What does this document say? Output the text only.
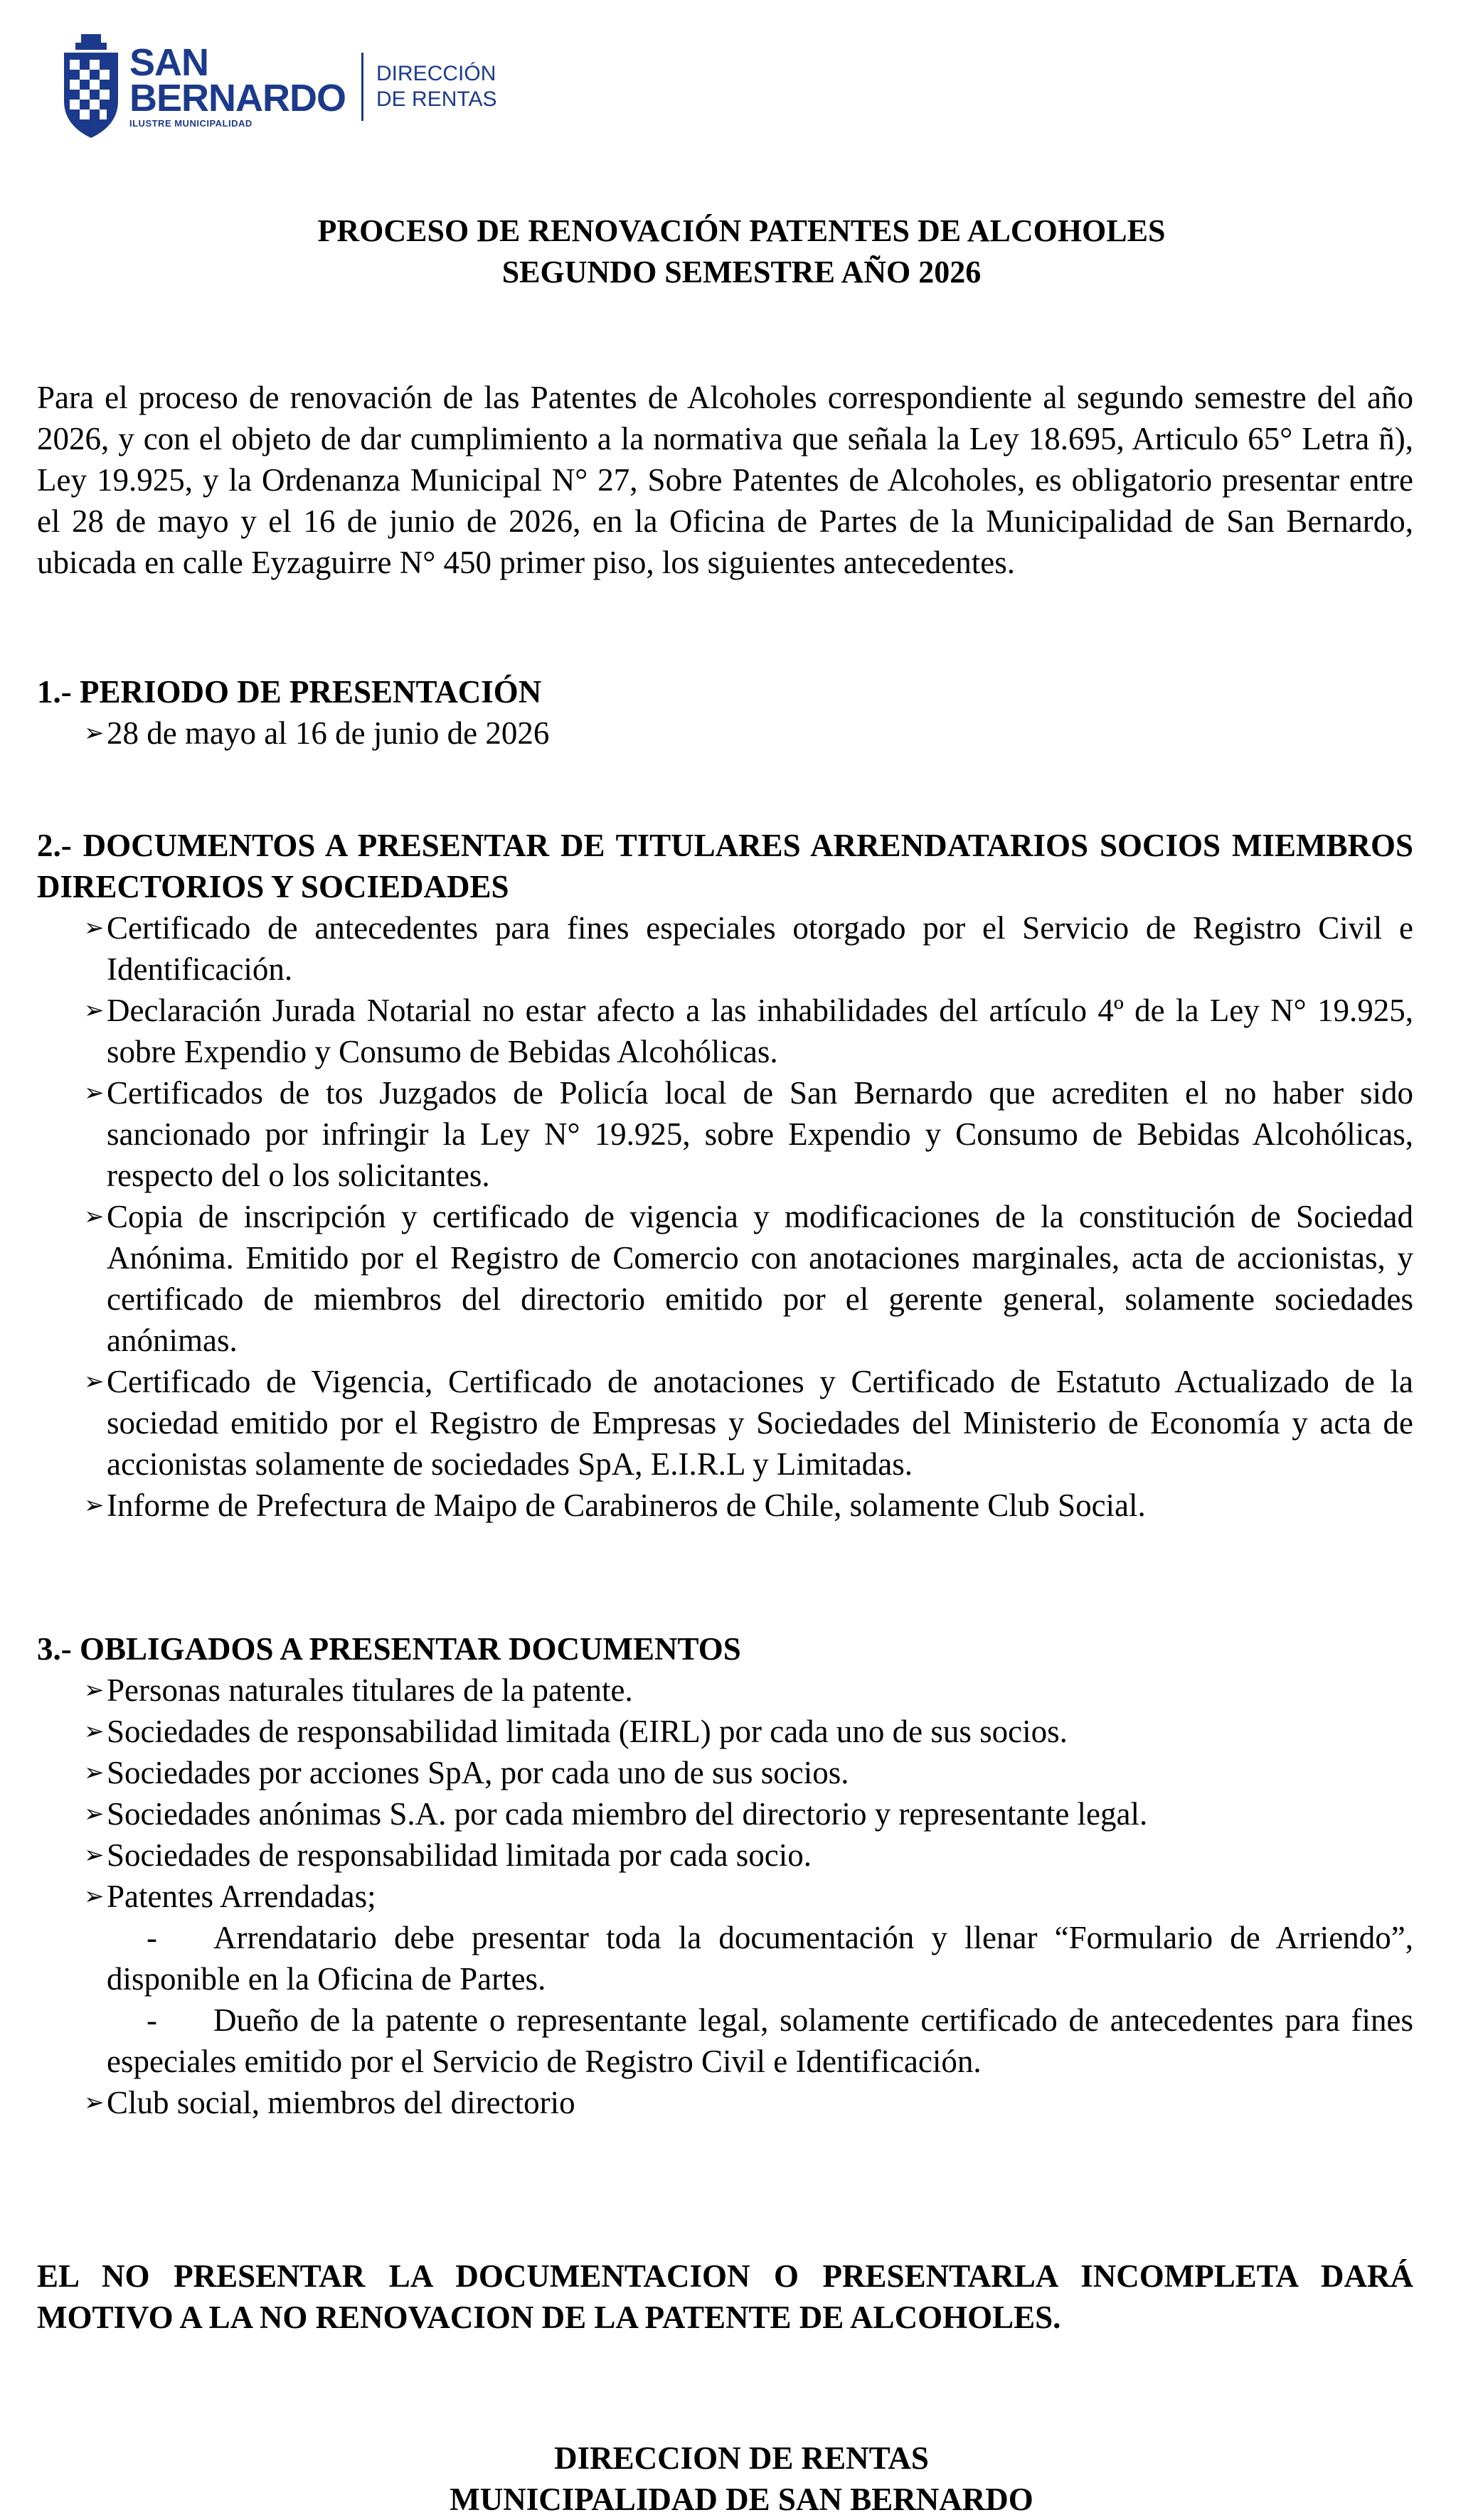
SAN
BERNARDO
ILUSTRE MUNICIPALIDAD
DIRECCIÓN
DE RENTAS
PROCESO DE RENOVACIÓN PATENTES DE ALCOHOLES
SEGUNDO SEMESTRE AÑO 2026
Para el proceso de renovación de las Patentes de Alcoholes correspondiente al segundo semestre del año 2026, y con el objeto de dar cumplimiento a la normativa que señala la Ley 18.695, Articulo 65° Letra ñ), Ley 19.925, y la Ordenanza Municipal N° 27, Sobre Patentes de Alcoholes, es obligatorio presentar entre el 28 de mayo y el 16 de junio de 2026, en la Oficina de Partes de la Municipalidad de San Bernardo, ubicada en calle Eyzaguirre N° 450 primer piso, los siguientes antecedentes.
1.- PERIODO DE PRESENTACIÓN
➢ 28 de mayo al 16 de junio de 2026
2.- DOCUMENTOS A PRESENTAR DE TITULARES ARRENDATARIOS SOCIOS MIEMBROS DIRECTORIOS Y SOCIEDADES
➢ Certificado de antecedentes para fines especiales otorgado por el Servicio de Registro Civil e Identificación.
➢ Declaración Jurada Notarial no estar afecto a las inhabilidades del artículo 4º de la Ley N° 19.925, sobre Expendio y Consumo de Bebidas Alcohólicas.
➢ Certificados de tos Juzgados de Policía local de San Bernardo que acrediten el no haber sido sancionado por infringir la Ley N° 19.925, sobre Expendio y Consumo de Bebidas Alcohólicas, respecto del o los solicitantes.
➢ Copia de inscripción y certificado de vigencia y modificaciones de la constitución de Sociedad Anónima. Emitido por el Registro de Comercio con anotaciones marginales, acta de accionistas, y certificado de miembros del directorio emitido por el gerente general, solamente sociedades anónimas.
➢ Certificado de Vigencia, Certificado de anotaciones y Certificado de Estatuto Actualizado de la sociedad emitido por el Registro de Empresas y Sociedades del Ministerio de Economía y acta de accionistas solamente de sociedades SpA, E.I.R.L y Limitadas.
➢ Informe de Prefectura de Maipo de Carabineros de Chile, solamente Club Social.
3.- OBLIGADOS A PRESENTAR DOCUMENTOS
➢ Personas naturales titulares de la patente.
➢ Sociedades de responsabilidad limitada (EIRL) por cada uno de sus socios.
➢ Sociedades por acciones SpA, por cada uno de sus socios.
➢ Sociedades anónimas S.A. por cada miembro del directorio y representante legal.
➢ Sociedades de responsabilidad limitada por cada socio.
➢ Patentes Arrendadas;
- Arrendatario debe presentar toda la documentación y llenar “Formulario de Arriendo”, disponible en la Oficina de Partes.
- Dueño de la patente o representante legal, solamente certificado de antecedentes para fines especiales emitido por el Servicio de Registro Civil e Identificación.
➢ Club social, miembros del directorio
EL NO PRESENTAR LA DOCUMENTACION O PRESENTARLA INCOMPLETA DARÁ MOTIVO A LA NO RENOVACION DE LA PATENTE DE ALCOHOLES.
DIRECCION DE RENTAS
MUNICIPALIDAD DE SAN BERNARDO
